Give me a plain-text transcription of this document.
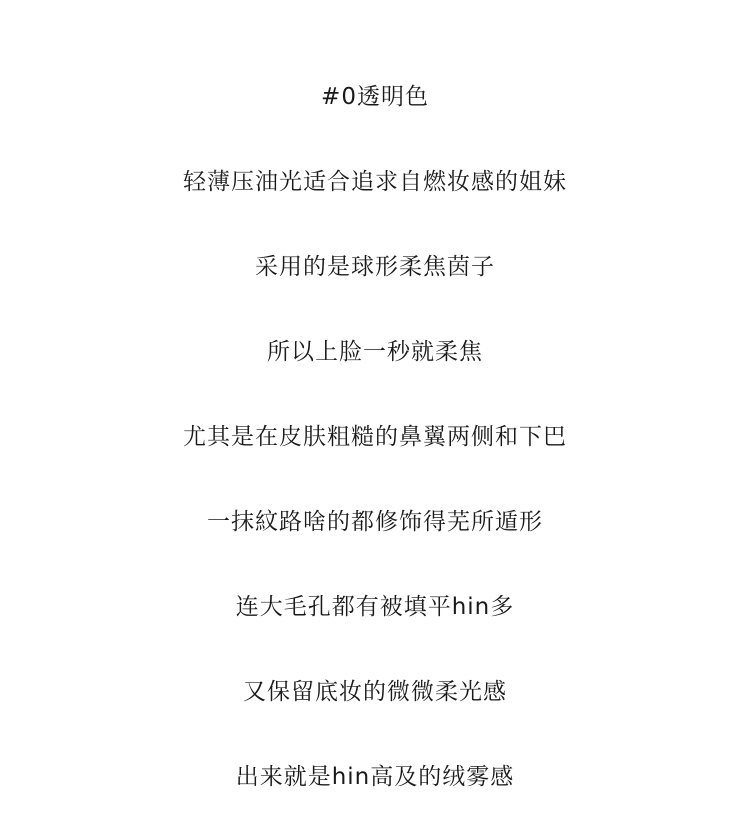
#0透明色
轻薄压油光适合追求自燃妆感的姐妹
采用的是球形柔焦茵子
所以上脸一秒就柔焦
尤其是在皮肤粗糙的鼻翼两侧和下巴
一抹紋路啥的都修饰得芜所遁形
连大毛孔都有被填平hin多
又保留底妆的微微柔光感
出来就是hin高及的绒雾感
